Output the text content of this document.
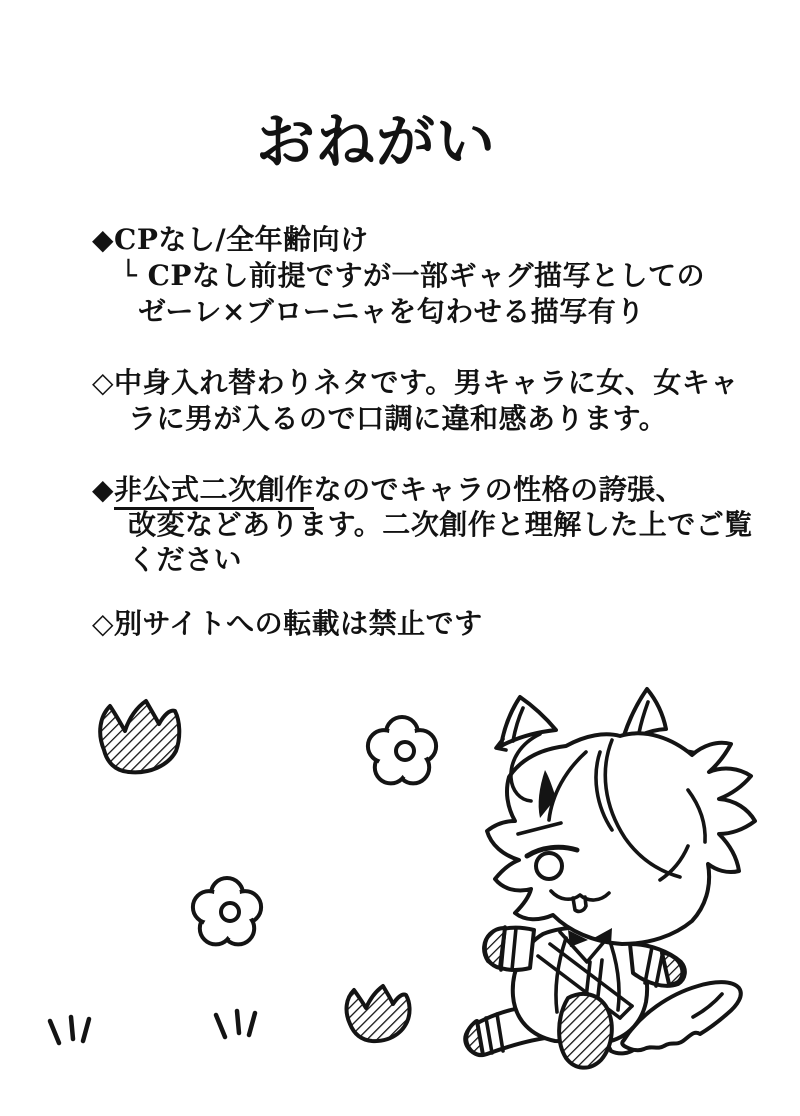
おねがい
◆CPなし/全年齢向け
└ CPなし前提ですが一部ギャグ描写としての
ゼーレ×ブローニャを匂わせる描写有り
◇中身入れ替わりネタです。男キャラに女、女キャ
ラに男が入るので口調に違和感あります。
◆非公式二次創作なのでキャラの性格の誇張、
改変などあります。二次創作と理解した上でご覧
ください
◇別サイトへの転載は禁止です
